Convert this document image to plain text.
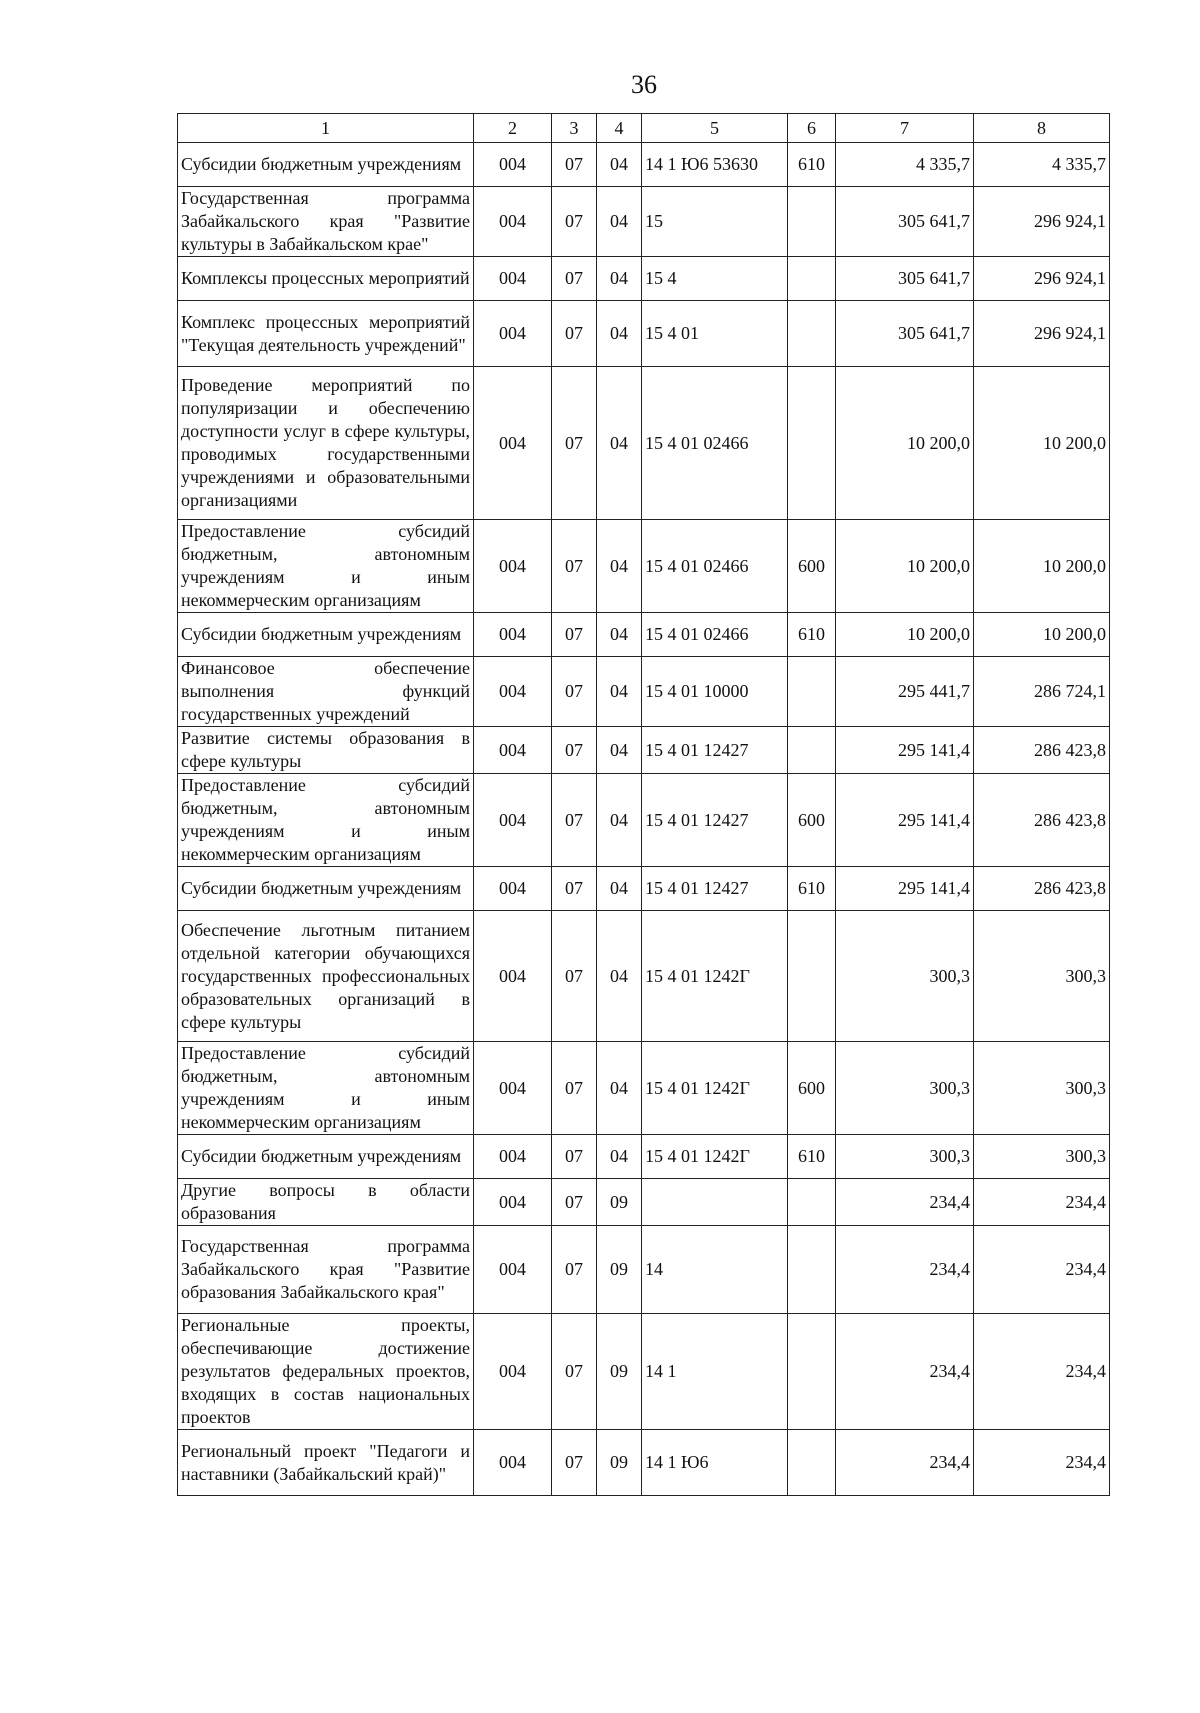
36
1	2	3	4	5	6	7	8
Субсидии бюджетным учреждениям	004	07	04	14 1 Ю6 53630	610	4 335,7	4 335,7
Государственная программа Забайкальского края "Развитие культуры в Забайкальском крае"	004	07	04	15		305 641,7	296 924,1
Комплексы процессных мероприятий	004	07	04	15 4		305 641,7	296 924,1
Комплекс процессных мероприятий "Текущая деятельность учреждений"	004	07	04	15 4 01		305 641,7	296 924,1
Проведение мероприятий по популяризации и обеспечению доступности услуг в сфере культуры, проводимых государственными учреждениями и образовательными организациями	004	07	04	15 4 01 02466		10 200,0	10 200,0
Предоставление субсидий бюджетным, автономным учреждениям и иным некоммерческим организациям	004	07	04	15 4 01 02466	600	10 200,0	10 200,0
Субсидии бюджетным учреждениям	004	07	04	15 4 01 02466	610	10 200,0	10 200,0
Финансовое обеспечение выполнения функций государственных учреждений	004	07	04	15 4 01 10000		295 441,7	286 724,1
Развитие системы образования в сфере культуры	004	07	04	15 4 01 12427		295 141,4	286 423,8
Предоставление субсидий бюджетным, автономным учреждениям и иным некоммерческим организациям	004	07	04	15 4 01 12427	600	295 141,4	286 423,8
Субсидии бюджетным учреждениям	004	07	04	15 4 01 12427	610	295 141,4	286 423,8
Обеспечение льготным питанием отдельной категории обучающихся государственных профессиональных образовательных организаций в сфере культуры	004	07	04	15 4 01 1242Г		300,3	300,3
Предоставление субсидий бюджетным, автономным учреждениям и иным некоммерческим организациям	004	07	04	15 4 01 1242Г	600	300,3	300,3
Субсидии бюджетным учреждениям	004	07	04	15 4 01 1242Г	610	300,3	300,3
Другие вопросы в области образования	004	07	09			234,4	234,4
Государственная программа Забайкальского края "Развитие образования Забайкальского края"	004	07	09	14		234,4	234,4
Региональные проекты, обеспечивающие достижение результатов федеральных проектов, входящих в состав национальных проектов	004	07	09	14 1		234,4	234,4
Региональный проект "Педагоги и наставники (Забайкальский край)"	004	07	09	14 1 Ю6		234,4	234,4
